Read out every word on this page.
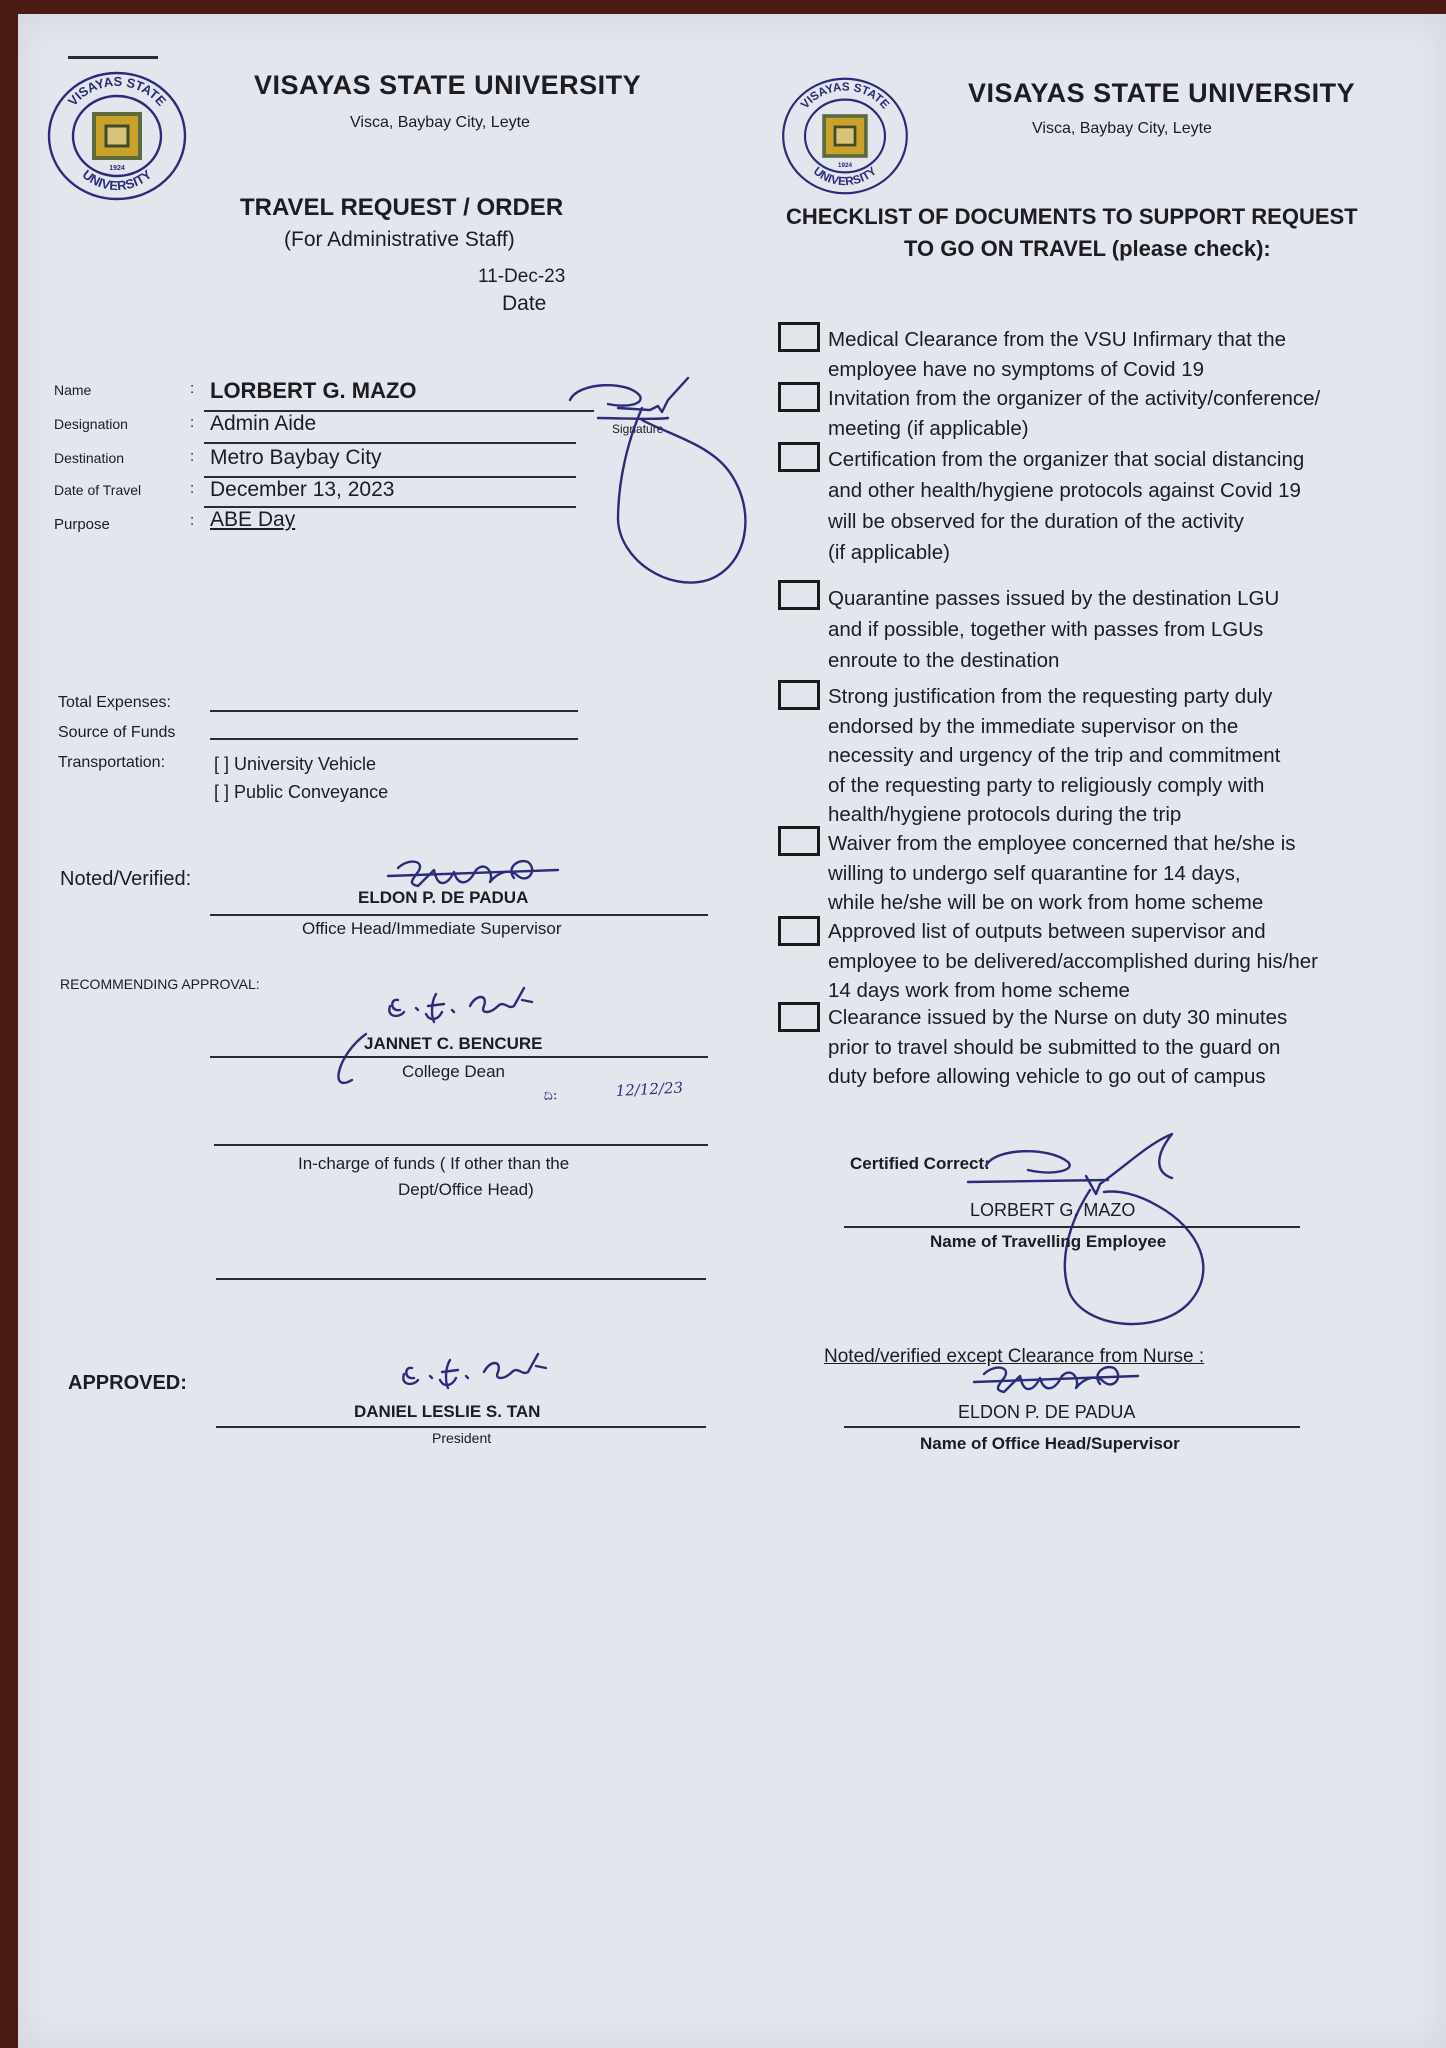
VISAYAS STATE
UNIVERSITY
1924
VISAYAS STATE UNIVERSITY
Visca, Baybay City, Leyte
TRAVEL REQUEST / ORDER
(For Administrative Staff)
11-Dec-23
Date
Name	: LORBERT G. MAZO
Signature
Designation	: Admin Aide
Destination	: Metro Baybay City
Date of Travel	: December 13, 2023
Purpose	: ABE Day
Total Expenses:
Source of Funds
Transportation:	[ ] University Vehicle
[ ] Public Conveyance
Noted/Verified:
ELDON P. DE PADUA
Office Head/Immediate Supervisor
RECOMMENDING APPROVAL:
ದಿ:	12/12/23
JANNET C. BENCURE
College Dean
In-charge of funds ( If other than the
Dept/Office Head)
APPROVED:
DANIEL LESLIE S. TAN
President
VISAYAS STATE
UNIVERSITY
1924
VISAYAS STATE UNIVERSITY
Visca, Baybay City, Leyte
CHECKLIST OF DOCUMENTS TO SUPPORT REQUEST
TO GO ON TRAVEL (please check):
Medical Clearance from the VSU Infirmary that the
employee have no symptoms of Covid 19
Invitation from the organizer of the activity/conference/
meeting (if applicable)
Certification from the organizer that social distancing
and other health/hygiene protocols against Covid 19
will be observed for the duration of the activity
(if applicable)
Quarantine passes issued by the destination LGU
and if possible, together with passes from LGUs
enroute to the destination
Strong justification from the requesting party duly
endorsed by the immediate supervisor on the
necessity and urgency of the trip and commitment
of the requesting party to religiously comply with
health/hygiene protocols during the trip
Waiver from the employee concerned that he/she is
willing to undergo self quarantine for 14 days,
while he/she will be on work from home scheme
Approved list of outputs between supervisor and
employee to be delivered/accomplished during his/her
14 days work from home scheme
Clearance issued by the Nurse on duty 30 minutes
prior to travel should be submitted to the guard on
duty before allowing vehicle to go out of campus
Certified Correct:
LORBERT G. MAZO
Name of Travelling Employee
Noted/verified except Clearance from Nurse :
ELDON P. DE PADUA
Name of Office Head/Supervisor
